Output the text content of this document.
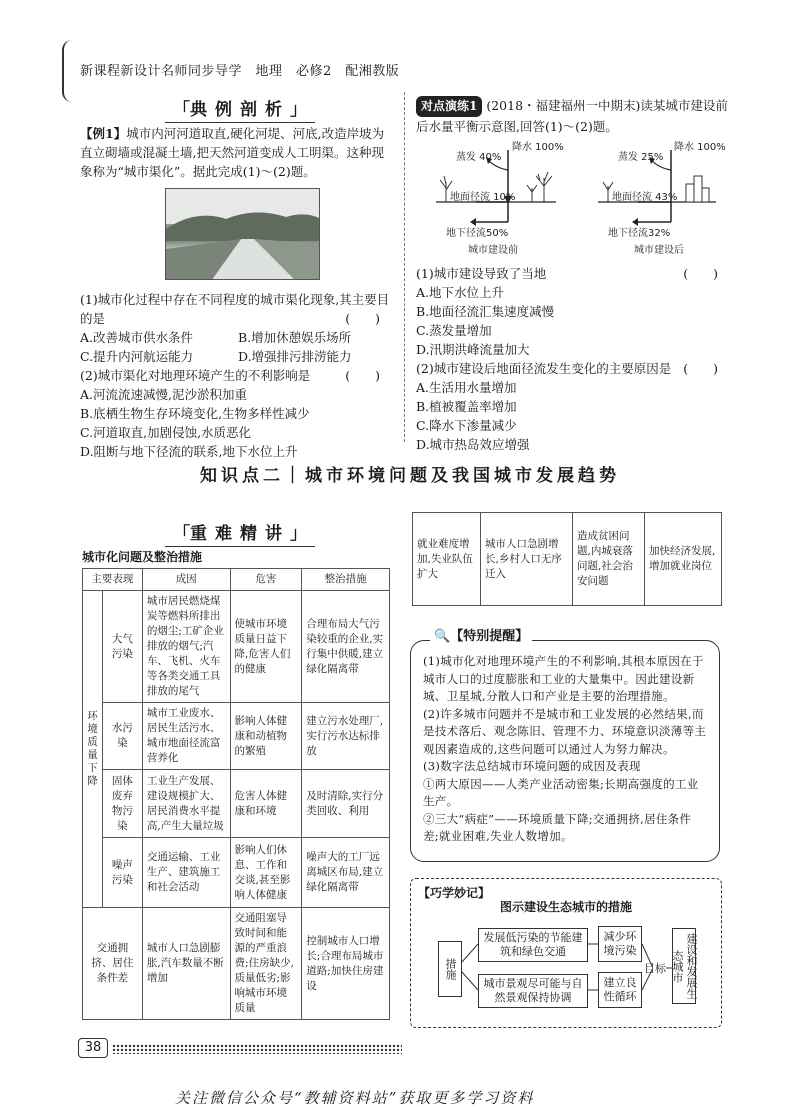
新课程新设计名师同步导学　地理　必修2　配湘教版
「 典例剖析 」
【例1】城市内河河道取直,硬化河堤、河底,改造岸坡为直立砌墙或混凝土墙,把天然河道变成人工明渠。这种现象称为“城市渠化”。据此完成(1)～(2)题。
(1)城市化过程中存在不同程度的城市渠化现象,其主要目的是	(　　)
A.改善城市供水条件	B.增加休憩娱乐场所
C.提升内河航运能力	D.增强排污排涝能力
(2)城市渠化对地理环境产生的不利影响是	(　　)
A.河流流速减慢,泥沙淤积加重
B.底栖生物生存环境变化,生物多样性减少
C.河道取直,加剧侵蚀,水质恶化
D.阻断与地下径流的联系,地下水位上升
对点演练1 (2018・福建福州一中期末)读某城市建设前后水量平衡示意图,回答(1)～(2)题。
降水 100%
蒸发 40%
地面径流 10%
地下径流50%
城市建设前
降水 100%
蒸发 25%
地面径流 43%
地下径流32%
城市建设后
(1)城市建设导致了当地	(　　)
A.地下水位上升
B.地面径流汇集速度减慢
C.蒸发量增加
D.汛期洪峰流量加大
(2)城市建设后地面径流发生变化的主要原因是 (　　)
A.生活用水量增加
B.植被覆盖率增加
C.降水下渗量减少
D.城市热岛效应增强
知识点二｜城市环境问题及我国城市发展趋势
「 重难精讲 」
城市化问题及整治措施
主要表现		成因	危害	整治措施
环境质量下降	大气污染	城市居民燃烧煤炭等燃料所排出的烟尘;工矿企业排放的烟气;汽车、飞机、火车等各类交通工具排放的尾气	使城市环境质量日益下降,危害人们的健康	合理布局大气污染较重的企业,实行集中供暖,建立绿化隔离带
	水污染	城市工业废水、居民生活污水、城市地面径流富营养化	影响人体健康和动植物的繁殖	建立污水处理厂,实行污水达标排放
	固体废弃物污染	工业生产发展、建设规模扩大、居民消费水平提高,产生大量垃圾	危害人体健康和环境	及时清除,实行分类回收、利用
	噪声污染	交通运输、工业生产、建筑施工和社会活动	影响人们休息、工作和交谈,甚至影响人体健康	噪声大的工厂远离城区布局,建立绿化隔离带
交通拥挤、居住条件差		城市人口急剧膨胀,汽车数量不断增加	交通阻塞导致时间和能源的严重浪费;住房缺少,质量低劣;影响城市环境质量	控制城市人口增长;合理布局城市道路;加快住房建设
就业难度增加,失业队伍扩大	城市人口急剧增长,乡村人口无序迁入	造成贫困问题,内城衰落问题,社会治安问题	加快经济发展,增加就业岗位
(1)城市化对地理环境产生的不利影响,其根本原因在于城市人口的过度膨胀和工业的大量集中。因此建设新城、卫星城,分散人口和产业是主要的治理措施。
(2)许多城市问题并不是城市和工业发展的必然结果,而是技术落后、观念陈旧、管理不力、环境意识淡薄等主观因素造成的,这些问题可以通过人为努力解决。
(3)数字法总结城市环境问题的成因及表现
①两大原因——人类产业活动密集;长期高强度的工业生产。
②三大“病症”——环境质量下降;交通拥挤,居住条件差;就业困难,失业人数增加。
🔍【特别提醒】
【巧学妙记】
图示建设生态城市的措施
措施
发展低污染的节能建筑和绿色交通
城市景观尽可能与自然景观保持协调
减少环境污染
建立良性循环
目标	建设和发展生态城市
38
关注微信公众号“教辅资料站”获取更多学习资料
